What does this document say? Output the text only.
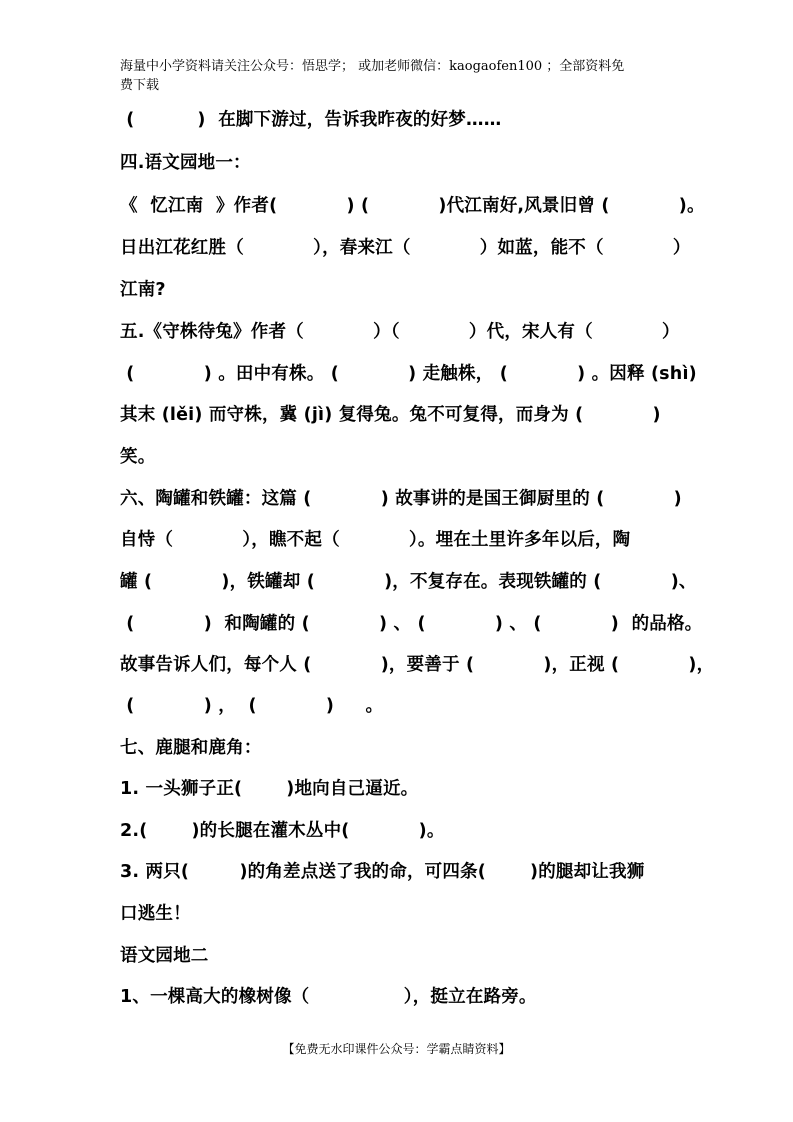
海量中小学资料请关注公众号：悟思学； 或加老师微信：kaogaofen100 ；全部资料免
费下载
(          )  在脚下游过，告诉我昨夜的好梦……
四.语文园地一：
《  忆江南  》作者(           ) (           )代江南好,风景旧曾 (           )。
日出江花红胜（           ），春来江（           ）如蓝，能不（           ）
江南?
五.《守株待兔》作者（           ）（           ）代，宋人有（           ）
(           ) 。田中有株。 (           ) 走触株， (           ) 。因释 (shì)
其末 (lěi) 而守株，冀 (jì) 复得兔。兔不可复得，而身为 (           )
笑。
六、陶罐和铁罐：这篇 (           ) 故事讲的是国王御厨里的 (           )
自恃（           ），瞧不起（           ）。埋在土里许多年以后，陶
罐 (           )，铁罐却 (           )，不复存在。表现铁罐的 (           )、
(           )  和陶罐的 (           ) 、 (           ) 、 (           )  的品格。
故事告诉人们，每个人 (           )，要善于 (           )，正视 (           )，
(           ) ，  (           )     。
七、鹿腿和鹿角：
1. 一头狮子正(       )地向自己逼近。
2.(       )的长腿在灌木丛中(           )。
3. 两只(        )的角差点送了我的命，可四条(       )的腿却让我狮
口逃生！
语文园地二
1、一棵高大的橡树像（               ），挺立在路旁。
【免费无水印课件公众号：学霸点睛资料】
